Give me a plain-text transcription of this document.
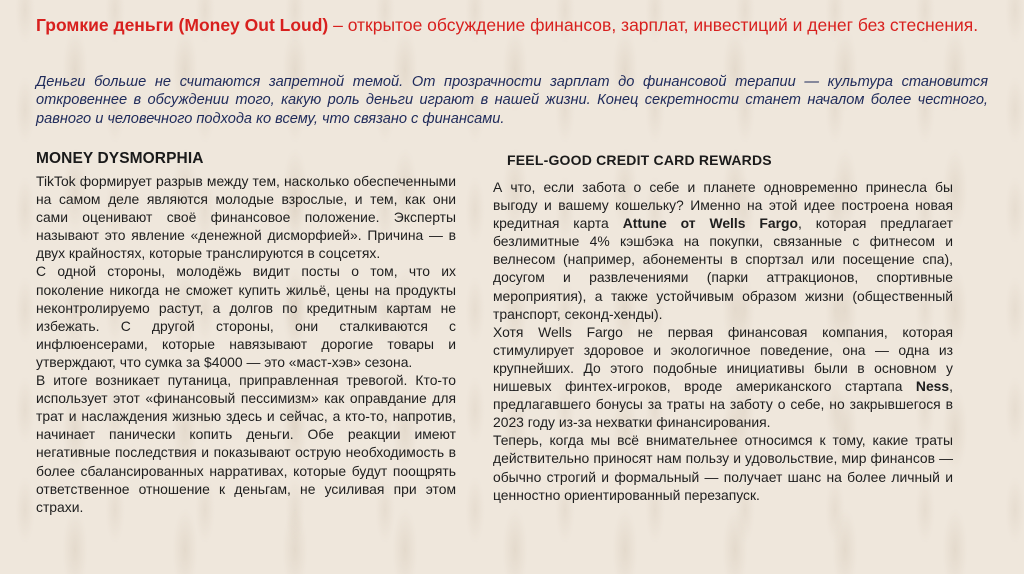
Громкие деньги (Money Out Loud) – открытое обсуждение финансов, зарплат, инвестиций и денег без стеснения.
Деньги больше не считаются запретной темой. От прозрачности зарплат до финансовой терапии — культура становится откровеннее в обсуждении того, какую роль деньги играют в нашей жизни. Конец секретности станет началом более честного, равного и человечного подхода ко всему, что связано с финансами.
MONEY DYSMORPHIA

TikTok формирует разрыв между тем, насколько обеспеченными на самом деле являются молодые взрослые, и тем, как они сами оценивают своё финансовое положение. Эксперты называют это явление «денежной дисморфией». Причина — в двух крайностях, которые транслируются в соцсетях.

С одной стороны, молодёжь видит посты о том, что их поколение никогда не сможет купить жильё, цены на продукты неконтролируемо растут, а долгов по кредитным картам не избежать. С другой стороны, они сталкиваются с инфлюенсерами, которые навязывают дорогие товары и утверждают, что сумка за $4000 — это «маст-хэв» сезона.

В итоге возникает путаница, приправленная тревогой. Кто-то использует этот «финансовый пессимизм» как оправдание для трат и наслаждения жизнью здесь и сейчас, а кто-то, напротив, начинает панически копить деньги. Обе реакции имеют негативные последствия и показывают острую необходимость в более сбалансированных нарративах, которые будут поощрять ответственное отношение к деньгам, не усиливая при этом страхи.

FEEL-GOOD CREDIT CARD REWARDS

А что, если забота о себе и планете одновременно принесла бы выгоду и вашему кошельку? Именно на этой идее построена новая кредитная карта Attune от Wells Fargo, которая предлагает безлимитные 4% кэшбэка на покупки, связанные с фитнесом и велнесом (например, абонементы в спортзал или посещение спа), досугом и развлечениями (парки аттракционов, спортивные мероприятия), а также устойчивым образом жизни (общественный транспорт, секонд-хенды).

Хотя Wells Fargo не первая финансовая компания, которая стимулирует здоровое и экологичное поведение, она — одна из крупнейших. До этого подобные инициативы были в основном у нишевых финтех-игроков, вроде американского стартапа Ness, предлагавшего бонусы за траты на заботу о себе, но закрывшегося в 2023 году из-за нехватки финансирования.

Теперь, когда мы всё внимательнее относимся к тому, какие траты действительно приносят нам пользу и удовольствие, мир финансов — обычно строгий и формальный — получает шанс на более личный и ценностно ориентированный перезапуск.
